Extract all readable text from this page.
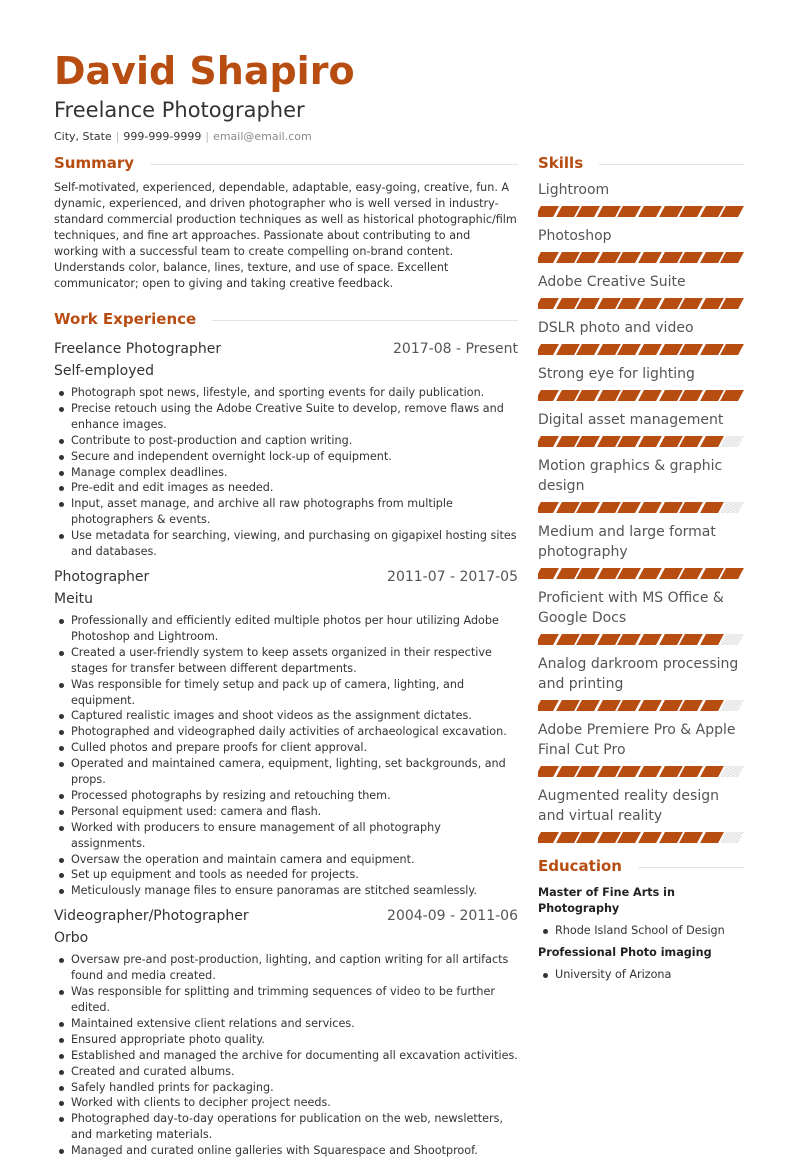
David Shapiro
Freelance Photographer
City, State | 999-999-9999 | email@email.com
Summary

Self-motivated, experienced, dependable, adaptable, easy-going, creative, fun. A dynamic, experienced, and driven photographer who is well versed in industry-standard commercial production techniques as well as historical photographic/film techniques, and fine art approaches. Passionate about contributing to and working with a successful team to create compelling on-brand content. Understands color, balance, lines, texture, and use of space. Excellent communicator; open to giving and taking creative feedback.

Work Experience
Freelance Photographer	2017-08 - Present
Self-employed
Photograph spot news, lifestyle, and sporting events for daily publication.
Precise retouch using the Adobe Creative Suite to develop, remove flaws and enhance images.
Contribute to post-production and caption writing.
Secure and independent overnight lock-up of equipment.
Manage complex deadlines.
Pre-edit and edit images as needed.
Input, asset manage, and archive all raw photographs from multiple photographers & events.
Use metadata for searching, viewing, and purchasing on gigapixel hosting sites and databases.
Photographer	2011-07 - 2017-05
Meitu
Professionally and efficiently edited multiple photos per hour utilizing Adobe Photoshop and Lightroom.
Created a user-friendly system to keep assets organized in their respective stages for transfer between different departments.
Was responsible for timely setup and pack up of camera, lighting, and equipment.
Captured realistic images and shoot videos as the assignment dictates.
Photographed and videographed daily activities of archaeological excavation.
Culled photos and prepare proofs for client approval.
Operated and maintained camera, equipment, lighting, set backgrounds, and props.
Processed photographs by resizing and retouching them.
Personal equipment used: camera and flash.
Worked with producers to ensure management of all photography assignments.
Oversaw the operation and maintain camera and equipment.
Set up equipment and tools as needed for projects.
Meticulously manage files to ensure panoramas are stitched seamlessly.
Videographer/Photographer	2004-09 - 2011-06
Orbo
Oversaw pre-and post-production, lighting, and caption writing for all artifacts found and media created.
Was responsible for splitting and trimming sequences of video to be further edited.
Maintained extensive client relations and services.
Ensured appropriate photo quality.
Established and managed the archive for documenting all excavation activities.
Created and curated albums.
Safely handled prints for packaging.
Worked with clients to decipher project needs.
Photographed day-to-day operations for publication on the web, newsletters, and marketing materials.
Managed and curated online galleries with Squarespace and Shootproof.
Skills
Lightroom
Photoshop
Adobe Creative Suite
DSLR photo and video
Strong eye for lighting
Digital asset management
Motion graphics & graphic design
Medium and large format photography
Proficient with MS Office & Google Docs
Analog darkroom processing and printing
Adobe Premiere Pro & Apple Final Cut Pro
Augmented reality design and virtual reality
Education
Master of Fine Arts in Photography
Rhode Island School of Design
Professional Photo imaging
University of Arizona
